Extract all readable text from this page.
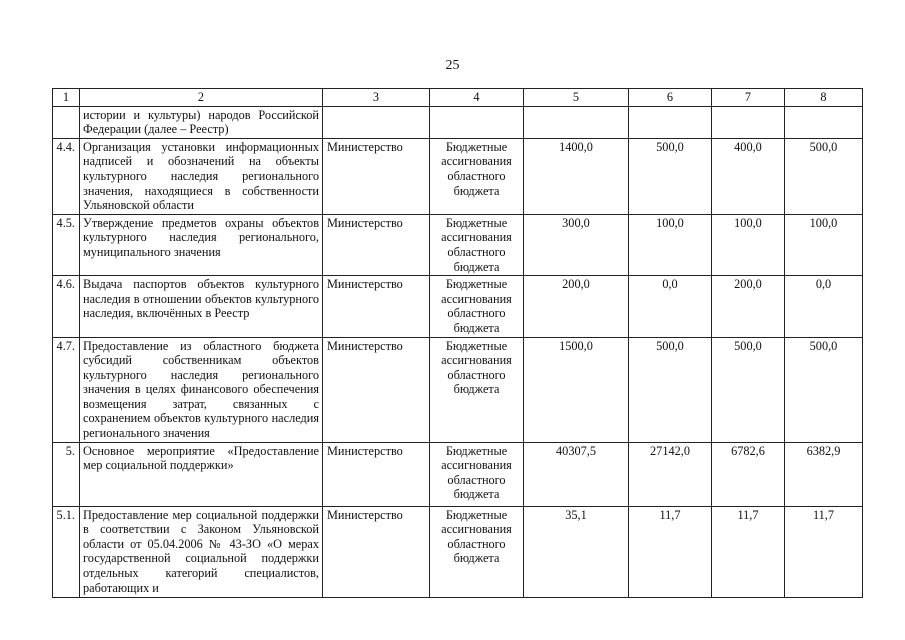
25
1	2	3	4	5	6	7	8
	истории и культуры) народов Российской Федерации (далее – Реестр)						
4.4.	Организация установки информационных надписей и обозначений на объекты культурного наследия регионального значения, находящиеся в собственности Ульяновской области	Министерство	Бюджетные ассигнования областного бюджета	1400,0	500,0	400,0	500,0
4.5.	Утверждение предметов охраны объектов культурного наследия регионального, муниципального значения	Министерство	Бюджетные ассигнования областного бюджета	300,0	100,0	100,0	100,0
4.6.	Выдача паспортов объектов культурного наследия в отношении объектов культурного наследия, включённых в Реестр	Министерство	Бюджетные ассигнования областного бюджета	200,0	0,0	200,0	0,0
4.7.	Предоставление из областного бюджета субсидий собственникам объектов культурного наследия регионального значения в целях финансового обеспечения возмещения затрат, связанных с сохранением объектов культурного наследия регионального значения	Министерство	Бюджетные ассигнования областного бюджета	1500,0	500,0	500,0	500,0
5.	Основное мероприятие «Предоставление мер социальной поддержки»	Министерство	Бюджетные ассигнования областного бюджета	40307,5	27142,0	6782,6	6382,9
5.1.	Предоставление мер социальной поддержки в соответствии с Законом Ульяновской области от 05.04.2006 № 43-ЗО «О мерах государственной социальной поддержки отдельных категорий специалистов, работающих и	Министерство	Бюджетные ассигнования областного бюджета	35,1	11,7	11,7	11,7
